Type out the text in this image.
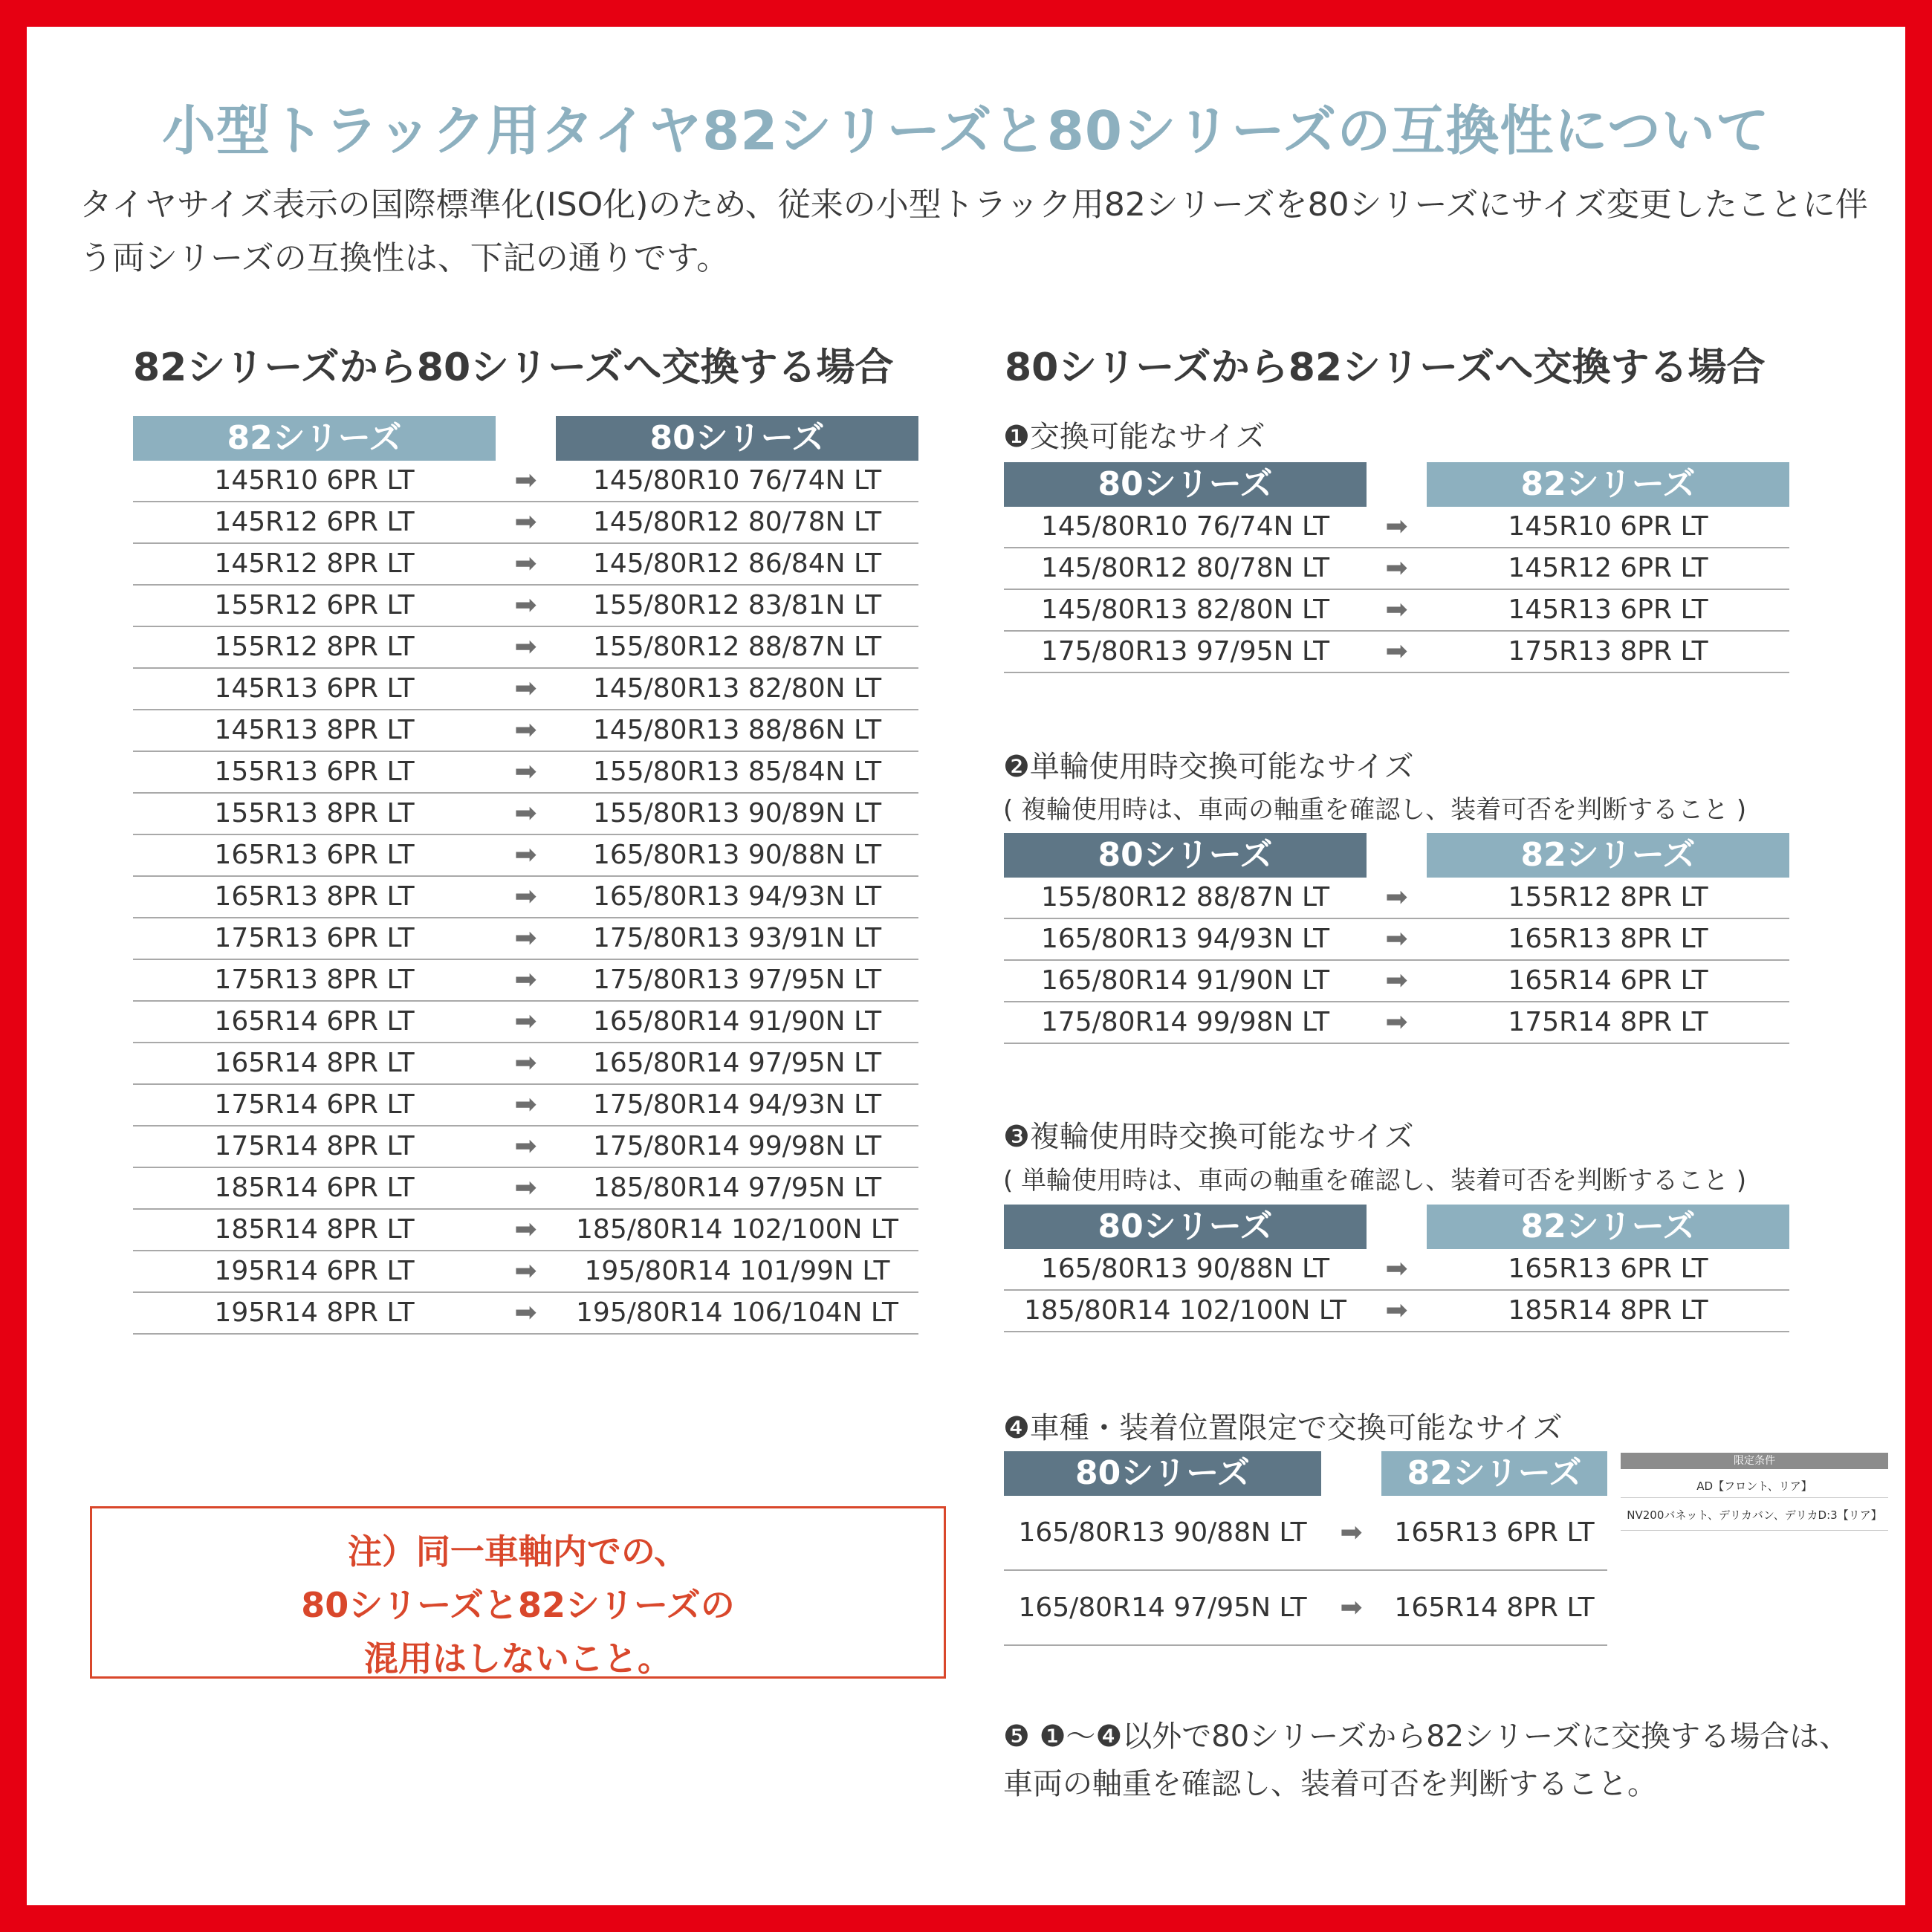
小型トラック用タイヤ82シリーズと80シリーズの互換性について
タイヤサイズ表示の国際標準化(ISO化)のため、従来の小型トラック用82シリーズを80シリーズにサイズ変更したことに伴う両シリーズの互換性は、下記の通りです。
82シリーズから80シリーズへ交換する場合
82シリーズ	80シリーズ
145R10 6PR LT	➡	145/80R10 76/74N LT
145R12 6PR LT	➡	145/80R12 80/78N LT
145R12 8PR LT	➡	145/80R12 86/84N LT
155R12 6PR LT	➡	155/80R12 83/81N LT
155R12 8PR LT	➡	155/80R12 88/87N LT
145R13 6PR LT	➡	145/80R13 82/80N LT
145R13 8PR LT	➡	145/80R13 88/86N LT
155R13 6PR LT	➡	155/80R13 85/84N LT
155R13 8PR LT	➡	155/80R13 90/89N LT
165R13 6PR LT	➡	165/80R13 90/88N LT
165R13 8PR LT	➡	165/80R13 94/93N LT
175R13 6PR LT	➡	175/80R13 93/91N LT
175R13 8PR LT	➡	175/80R13 97/95N LT
165R14 6PR LT	➡	165/80R14 91/90N LT
165R14 8PR LT	➡	165/80R14 97/95N LT
175R14 6PR LT	➡	175/80R14 94/93N LT
175R14 8PR LT	➡	175/80R14 99/98N LT
185R14 6PR LT	➡	185/80R14 97/95N LT
185R14 8PR LT	➡	185/80R14 102/100N LT
195R14 6PR LT	➡	195/80R14 101/99N LT
195R14 8PR LT	➡	195/80R14 106/104N LT
注）同一車軸内での、
80シリーズと82シリーズの
混用はしないこと。
80シリーズから82シリーズへ交換する場合
❶交換可能なサイズ
80シリーズ	82シリーズ
145/80R10 76/74N LT	➡	145R10 6PR LT
145/80R12 80/78N LT	➡	145R12 6PR LT
145/80R13 82/80N LT	➡	145R13 6PR LT
175/80R13 97/95N LT	➡	175R13 8PR LT
❷単輪使用時交換可能なサイズ
( 複輪使用時は、車両の軸重を確認し、装着可否を判断すること )
80シリーズ	82シリーズ
155/80R12 88/87N LT	➡	155R12 8PR LT
165/80R13 94/93N LT	➡	165R13 8PR LT
165/80R14 91/90N LT	➡	165R14 6PR LT
175/80R14 99/98N LT	➡	175R14 8PR LT
❸複輪使用時交換可能なサイズ
( 単輪使用時は、車両の軸重を確認し、装着可否を判断すること )
80シリーズ	82シリーズ
165/80R13 90/88N LT	➡	165R13 6PR LT
185/80R14 102/100N LT	➡	185R14 8PR LT
❹車種・装着位置限定で交換可能なサイズ
80シリーズ	82シリーズ
165/80R13 90/88N LT	➡	165R13 6PR LT
165/80R14 97/95N LT	➡	165R14 8PR LT
限定条件
AD【フロント、リア】
NV200バネット、デリカバン、デリカD:3【リア】
❺ ❶〜❹以外で80シリーズから82シリーズに交換する場合は、
車両の軸重を確認し、装着可否を判断すること。
